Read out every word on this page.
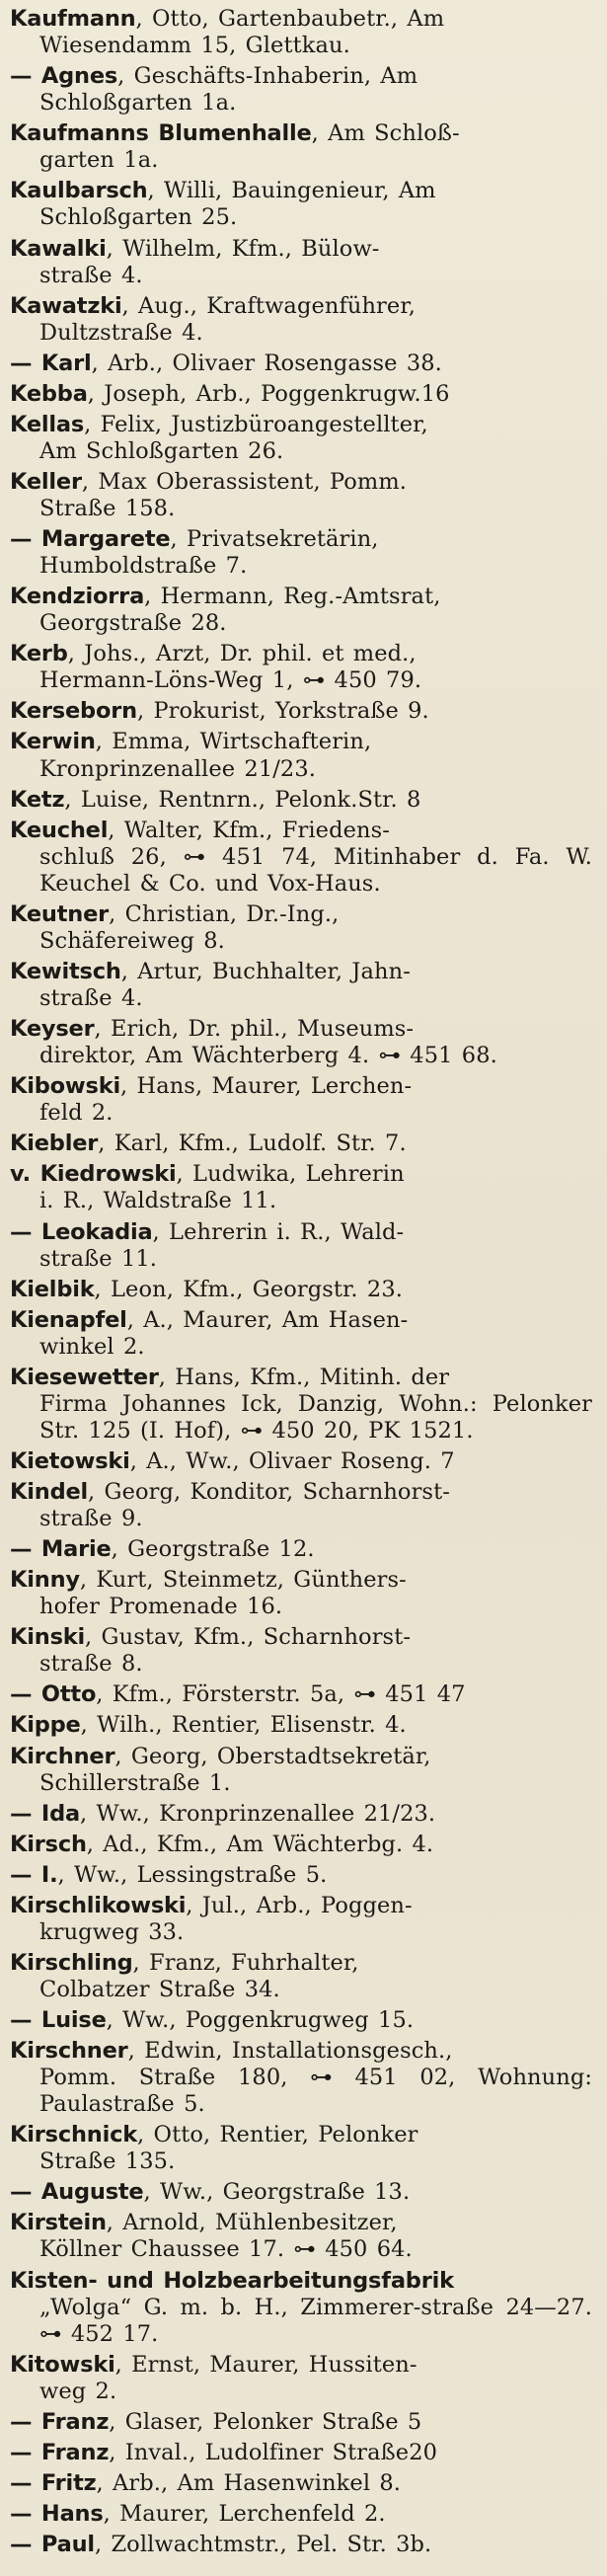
Kaufmann, Otto, Gartenbaubetr., Am
Wiesendamm 15, Glettkau.
— Agnes, Geschäfts-Inhaberin, Am
Schloßgarten 1a.
Kaufmanns Blumenhalle, Am Schloß-
garten 1a.
Kaulbarsch, Willi, Bauingenieur, Am
Schloßgarten 25.
Kawalki, Wilhelm, Kfm., Bülow-
straße 4.
Kawatzki, Aug., Kraftwagenführer,
Dultzstraße 4.
— Karl, Arb., Olivaer Rosengasse 38.
Kebba, Joseph, Arb., Poggenkrugw.16
Kellas, Felix, Justizbüroangestellter,
Am Schloßgarten 26.
Keller, Max Oberassistent, Pomm.
Straße 158.
— Margarete, Privatsekretärin,
Humboldstraße 7.
Kendziorra, Hermann, Reg.-Amtsrat,
Georgstraße 28.
Kerb, Johs., Arzt, Dr. phil. et med.,
Hermann-Löns-Weg 1, ⊶ 450 79.
Kerseborn, Prokurist, Yorkstraße 9.
Kerwin, Emma, Wirtschafterin,
Kronprinzenallee 21/23.
Ketz, Luise, Rentnrn., Pelonk.Str. 8
Keuchel, Walter, Kfm., Friedens-
schluß 26, ⊶ 451 74, Mitinhaber d. Fa. W. Keuchel & Co. und Vox-Haus.
Keutner, Christian, Dr.-Ing.,
Schäfereiweg 8.
Kewitsch, Artur, Buchhalter, Jahn-
straße 4.
Keyser, Erich, Dr. phil., Museums-
direktor, Am Wächterberg 4. ⊶ 451 68.
Kibowski, Hans, Maurer, Lerchen-
feld 2.
Kiebler, Karl, Kfm., Ludolf. Str. 7.
v. Kiedrowski, Ludwika, Lehrerin
i. R., Waldstraße 11.
— Leokadia, Lehrerin i. R., Wald-
straße 11.
Kielbik, Leon, Kfm., Georgstr. 23.
Kienapfel, A., Maurer, Am Hasen-
winkel 2.
Kiesewetter, Hans, Kfm., Mitinh. der
Firma Johannes Ick, Danzig, Wohn.: Pelonker Str. 125 (I. Hof), ⊶ 450 20, PK 1521.
Kietowski, A., Ww., Olivaer Roseng. 7
Kindel, Georg, Konditor, Scharnhorst-
straße 9.
— Marie, Georgstraße 12.
Kinny, Kurt, Steinmetz, Günthers-
hofer Promenade 16.
Kinski, Gustav, Kfm., Scharnhorst-
straße 8.
— Otto, Kfm., Försterstr. 5a, ⊶ 451 47
Kippe, Wilh., Rentier, Elisenstr. 4.
Kirchner, Georg, Oberstadtsekretär,
Schillerstraße 1.
— Ida, Ww., Kronprinzenallee 21/23.
Kirsch, Ad., Kfm., Am Wächterbg. 4.
— I., Ww., Lessingstraße 5.
Kirschlikowski, Jul., Arb., Poggen-
krugweg 33.
Kirschling, Franz, Fuhrhalter,
Colbatzer Straße 34.
— Luise, Ww., Poggenkrugweg 15.
Kirschner, Edwin, Installationsgesch.,
Pomm. Straße 180, ⊶ 451 02, Wohnung: Paulastraße 5.
Kirschnick, Otto, Rentier, Pelonker
Straße 135.
— Auguste, Ww., Georgstraße 13.
Kirstein, Arnold, Mühlenbesitzer,
Köllner Chaussee 17. ⊶ 450 64.
Kisten- und Holzbearbeitungsfabrik
„Wolga“ G. m. b. H., Zimmerer-straße 24—27. ⊶ 452 17.
Kitowski, Ernst, Maurer, Hussiten-
weg 2.
— Franz, Glaser, Pelonker Straße 5
— Franz, Inval., Ludolfiner Straße20
— Fritz, Arb., Am Hasenwinkel 8.
— Hans, Maurer, Lerchenfeld 2.
— Paul, Zollwachtmstr., Pel. Str. 3b.
